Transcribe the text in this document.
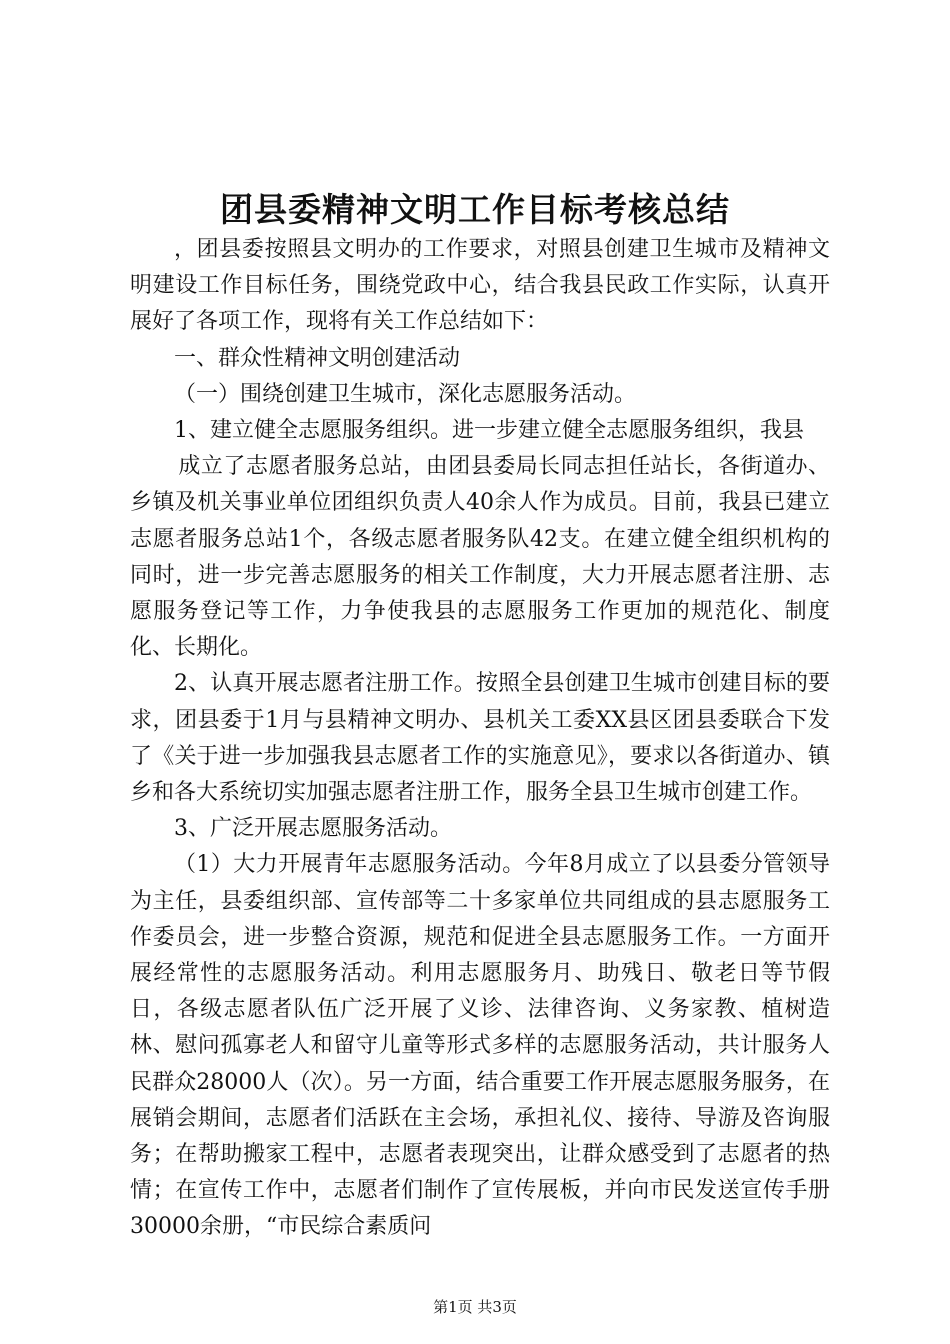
团县委精神文明工作目标考核总结

，团县委按照县文明办的工作要求，对照县创建卫生城市及精神文明建设工作目标任务，围绕党政中心，结合我县民政工作实际，认真开展好了各项工作，现将有关工作总结如下：

一、群众性精神文明创建活动

（一）围绕创建卫生城市，深化志愿服务活动。

1、建立健全志愿服务组织。进一步建立健全志愿服务组织，我县

成立了志愿者服务总站，由团县委局长同志担任站长，各街道办、乡镇及机关事业单位团组织负责人40余人作为成员。目前，我县已建立志愿者服务总站1个，各级志愿者服务队42支。在建立健全组织机构的同时，进一步完善志愿服务的相关工作制度，大力开展志愿者注册、志愿服务登记等工作，力争使我县的志愿服务工作更加的规范化、制度化、长期化。

2、认真开展志愿者注册工作。按照全县创建卫生城市创建目标的要求，团县委于1月与县精神文明办、县机关工委XX县区团县委联合下发了《关于进一步加强我县志愿者工作的实施意见》，要求以各街道办、镇乡和各大系统切实加强志愿者注册工作，服务全县卫生城市创建工作。

3、广泛开展志愿服务活动。

（1）大力开展青年志愿服务活动。今年8月成立了以县委分管领导为主任，县委组织部、宣传部等二十多家单位共同组成的县志愿服务工作委员会，进一步整合资源，规范和促进全县志愿服务工作。一方面开展经常性的志愿服务活动。利用志愿服务月、助残日、敬老日等节假日，各级志愿者队伍广泛开展了义诊、法律咨询、义务家教、植树造林、慰问孤寡老人和留守儿童等形式多样的志愿服务活动，共计服务人民群众28000人（次）。另一方面，结合重要工作开展志愿服务服务，在展销会期间，志愿者们活跃在主会场，承担礼仪、接待、导游及咨询服务；在帮助搬家工程中，志愿者表现突出，让群众感受到了志愿者的热情；在宣传工作中，志愿者们制作了宣传展板，并向市民发送宣传手册30000余册，“市民综合素质问

第1页 共3页
